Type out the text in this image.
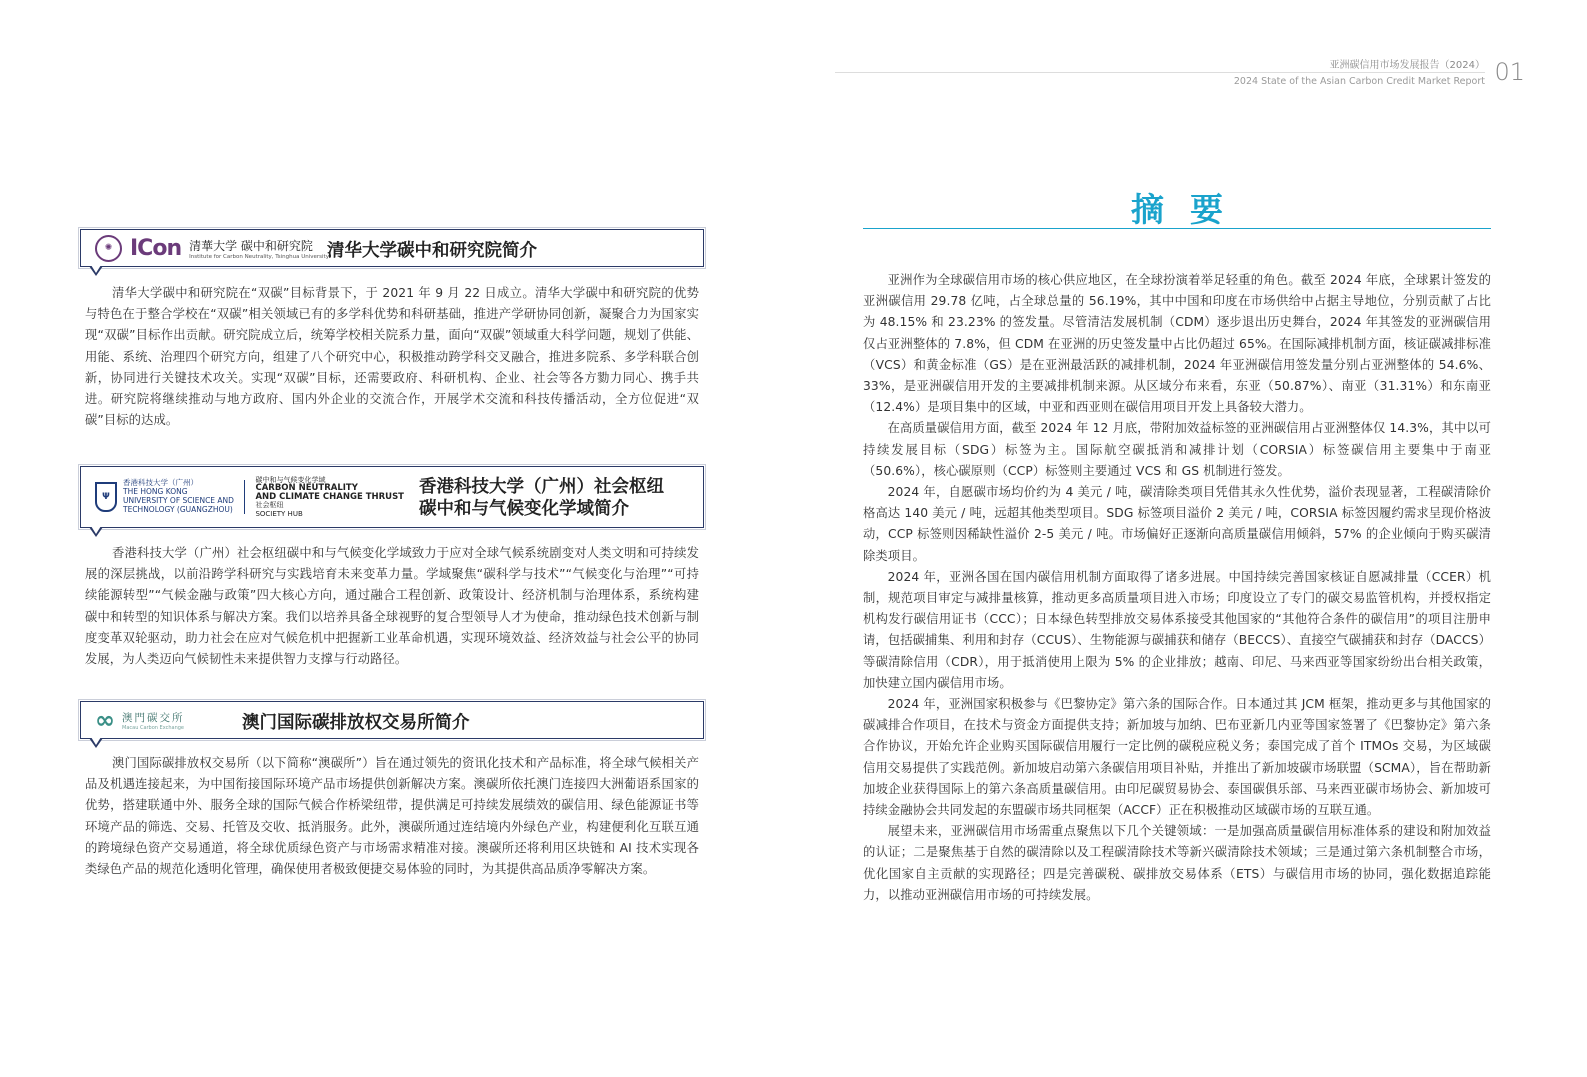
亚洲碳信用市场发展报告（2024）
2024 State of the Asian Carbon Credit Market Report 01
✺ ICon 清華大学 碳中和研究院
Institute for Carbon Neutrality, Tsinghua University
清华大学碳中和研究院简介

清华大学碳中和研究院在“双碳”目标背景下，于 2021 年 9 月 22 日成立。清华大学碳中和研究院的优势与特色在于整合学校在“双碳”相关领域已有的多学科优势和科研基础，推进产学研协同创新，凝聚合力为国家实现“双碳”目标作出贡献。研究院成立后，统筹学校相关院系力量，面向“双碳”领域重大科学问题，规划了供能、用能、系统、治理四个研究方向，组建了八个研究中心，积极推动跨学科交叉融合，推进多院系、多学科联合创新，协同进行关键技术攻关。实现“双碳”目标，还需要政府、科研机构、企业、社会等各方勠力同心、携手共进。研究院将继续推动与地方政府、国内外企业的交流合作，开展学术交流和科技传播活动，全方位促进“双碳”目标的达成。

Ψ
香港科技大学（广州）
THE HONG KONG
UNIVERSITY OF SCIENCE AND
TECHNOLOGY (GUANGZHOU)
碳中和与气候变化学域
CARBON NEUTRALITY
AND CLIMATE CHANGE THRUST
社会枢纽
SOCIETY HUB
香港科技大学（广州）社会枢纽
碳中和与气候变化学域简介

香港科技大学（广州）社会枢纽碳中和与气候变化学域致力于应对全球气候系统剧变对人类文明和可持续发展的深层挑战，以前沿跨学科研究与实践培育未来变革力量。学域聚焦“碳科学与技术”“气候变化与治理”“可持续能源转型”“气候金融与政策”四大核心方向，通过融合工程创新、政策设计、经济机制与治理体系，系统构建碳中和转型的知识体系与解决方案。我们以培养具备全球视野的复合型领导人才为使命，推动绿色技术创新与制度变革双轮驱动，助力社会在应对气候危机中把握新工业革命机遇，实现环境效益、经济效益与社会公平的协同发展，为人类迈向气候韧性未来提供智力支撑与行动路径。

∞ 澳門碳交所
Macau Carbon Exchange	澳门国际碳排放权交易所简介

澳门国际碳排放权交易所（以下简称“澳碳所”）旨在通过领先的资讯化技术和产品标准，将全球气候相关产品及机遇连接起来，为中国衔接国际环境产品市场提供创新解决方案。澳碳所依托澳门连接四大洲葡语系国家的优势，搭建联通中外、服务全球的国际气候合作桥梁纽带，提供满足可持续发展绩效的碳信用、绿色能源证书等环境产品的筛选、交易、托管及交收、抵消服务。此外，澳碳所通过连结境内外绿色产业，构建便利化互联互通的跨境绿色资产交易通道，将全球优质绿色资产与市场需求精准对接。澳碳所还将利用区块链和 AI 技术实现各类绿色产品的规范化透明化管理，确保使用者极致便捷交易体验的同时，为其提供高品质净零解决方案。

摘要

亚洲作为全球碳信用市场的核心供应地区，在全球扮演着举足轻重的角色。截至 2024 年底，全球累计签发的亚洲碳信用 29.78 亿吨，占全球总量的 56.19%，其中中国和印度在市场供给中占据主导地位，分别贡献了占比为 48.15% 和 23.23% 的签发量。尽管清洁发展机制（CDM）逐步退出历史舞台，2024 年其签发的亚洲碳信用仅占亚洲整体的 7.8%，但 CDM 在亚洲的历史签发量中占比仍超过 65%。在国际减排机制方面，核证碳减排标准（VCS）和黄金标准（GS）是在亚洲最活跃的减排机制，2024 年亚洲碳信用签发量分别占亚洲整体的 54.6%、33%，是亚洲碳信用开发的主要减排机制来源。从区域分布来看，东亚（50.87%）、南亚（31.31%）和东南亚（12.4%）是项目集中的区域，中亚和西亚则在碳信用项目开发上具备较大潜力。

在高质量碳信用方面，截至 2024 年 12 月底，带附加效益标签的亚洲碳信用占亚洲整体仅 14.3%，其中以可持续发展目标（SDG）标签为主。国际航空碳抵消和减排计划（CORSIA）标签碳信用主要集中于南亚（50.6%），核心碳原则（CCP）标签则主要通过 VCS 和 GS 机制进行签发。

2024 年，自愿碳市场均价约为 4 美元 / 吨，碳清除类项目凭借其永久性优势，溢价表现显著，工程碳清除价格高达 140 美元 / 吨，远超其他类型项目。SDG 标签项目溢价 2 美元 / 吨，CORSIA 标签因履约需求呈现价格波动，CCP 标签则因稀缺性溢价 2-5 美元 / 吨。市场偏好正逐渐向高质量碳信用倾斜，57% 的企业倾向于购买碳清除类项目。

2024 年，亚洲各国在国内碳信用机制方面取得了诸多进展。中国持续完善国家核证自愿减排量（CCER）机制，规范项目审定与减排量核算，推动更多高质量项目进入市场；印度设立了专门的碳交易监管机构，并授权指定机构发行碳信用证书（CCC）；日本绿色转型排放交易体系接受其他国家的“其他符合条件的碳信用”的项目注册申请，包括碳捕集、利用和封存（CCUS）、生物能源与碳捕获和储存（BECCS）、直接空气碳捕获和封存（DACCS）等碳清除信用（CDR），用于抵消使用上限为 5% 的企业排放；越南、印尼、马来西亚等国家纷纷出台相关政策，加快建立国内碳信用市场。

2024 年，亚洲国家积极参与《巴黎协定》第六条的国际合作。日本通过其 JCM 框架，推动更多与其他国家的碳减排合作项目，在技术与资金方面提供支持；新加坡与加纳、巴布亚新几内亚等国家签署了《巴黎协定》第六条合作协议，开始允许企业购买国际碳信用履行一定比例的碳税应税义务；泰国完成了首个 ITMOs 交易，为区域碳信用交易提供了实践范例。新加坡启动第六条碳信用项目补贴，并推出了新加坡碳市场联盟（SCMA），旨在帮助新加坡企业获得国际上的第六条高质量碳信用。由印尼碳贸易协会、泰国碳俱乐部、马来西亚碳市场协会、新加坡可持续金融协会共同发起的东盟碳市场共同框架（ACCF）正在积极推动区域碳市场的互联互通。

展望未来，亚洲碳信用市场需重点聚焦以下几个关键领域：一是加强高质量碳信用标准体系的建设和附加效益的认证；二是聚焦基于自然的碳清除以及工程碳清除技术等新兴碳清除技术领域；三是通过第六条机制整合市场，优化国家自主贡献的实现路径；四是完善碳税、碳排放交易体系（ETS）与碳信用市场的协同，强化数据追踪能力，以推动亚洲碳信用市场的可持续发展。
